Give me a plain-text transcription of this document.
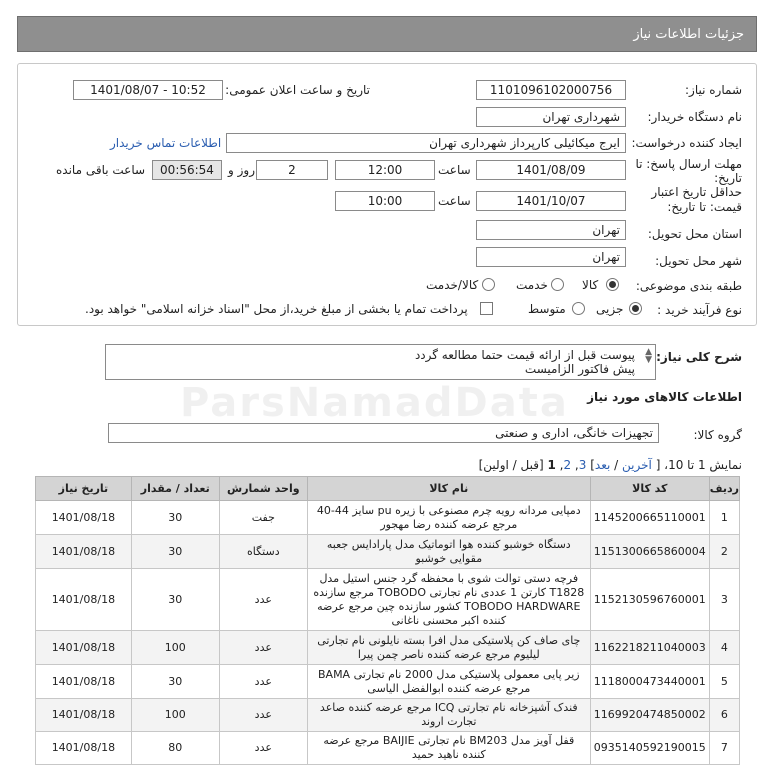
جزئیات اطلاعات نیاز
شماره نیاز:
1101096102000756
تاریخ و ساعت اعلان عمومی:
1401/08/07 - 10:52
نام دستگاه خریدار:
شهرداری تهران
ایجاد کننده درخواست:
ایرج میکائیلی کارپرداز شهرداری تهران
اطلاعات تماس خریدار
مهلت ارسال پاسخ: تا
تاریخ:
1401/08/09
ساعت
12:00
2
روز و
00:56:54
ساعت باقی مانده
حداقل تاریخ اعتبار
قیمت: تا تاریخ:
1401/10/07
ساعت
10:00
استان محل تحویل:
تهران
شهر محل تحویل:
تهران
طبقه بندی موضوعی:
کالا
خدمت
کالا/خدمت
نوع فرآیند خرید :
جزیی
متوسط
پرداخت تمام یا بخشی از مبلغ خرید،از محل "اسناد خزانه اسلامی" خواهد بود.
شرح کلی نیاز:
▲
▼
پیوست قبل از ارائه قیمت حتما مطالعه گردد
پیش فاکتور الزامیست
ParsNamadData اطلاعات کالاهای مورد نیاز
گروه کالا:
تجهیزات خانگی، اداری و صنعتی
نمایش 1 تا 10، [ آخرین / بعد] 3, 2, 1 [قبل / اولین]
ردیف	کد کالا	نام کالا	واحد شمارش	تعداد / مقدار	تاریخ نیاز
1	1145200665110001	دمپایی مردانه رویه چرم مصنوعی با زیره pu سایز 44-40 مرجع عرضه کننده رضا مهجور	جفت	30	1401/08/18
2	1151300665860004	دستگاه خوشبو کننده هوا اتوماتیک مدل پارادایس جعبه مقوایی خوشبو	دستگاه	30	1401/08/18
3	1152130596760001	فرچه دستی توالت شوی با محفظه گرد جنس استیل مدل T1828 کارتن 1 عددی نام تجارتی TOBODO مرجع سازنده TOBODO HARDWARE کشور سازنده چین مرجع عرضه کننده اکبر محسنی ناغانی	عدد	30	1401/08/18
4	1162218211040003	چای صاف کن پلاستیکی مدل افرا بسته نایلونی نام تجارتی لیلیوم مرجع عرضه کننده ناصر چمن پیرا	عدد	100	1401/08/18
5	1118000473440001	زیر پایی معمولی پلاستیکی مدل 2000 نام تجارتی BAMA مرجع عرضه کننده ابوالفضل الیاسی	عدد	30	1401/08/18
6	1169920474850002	فندک آشپزخانه نام تجارتی ICQ مرجع عرضه کننده صاعد تجارت اروند	عدد	100	1401/08/18
7	0935140592190015	قفل آویز مدل BM203 نام تجارتی BAIJIE مرجع عرضه کننده ناهید حمید	عدد	80	1401/08/18
